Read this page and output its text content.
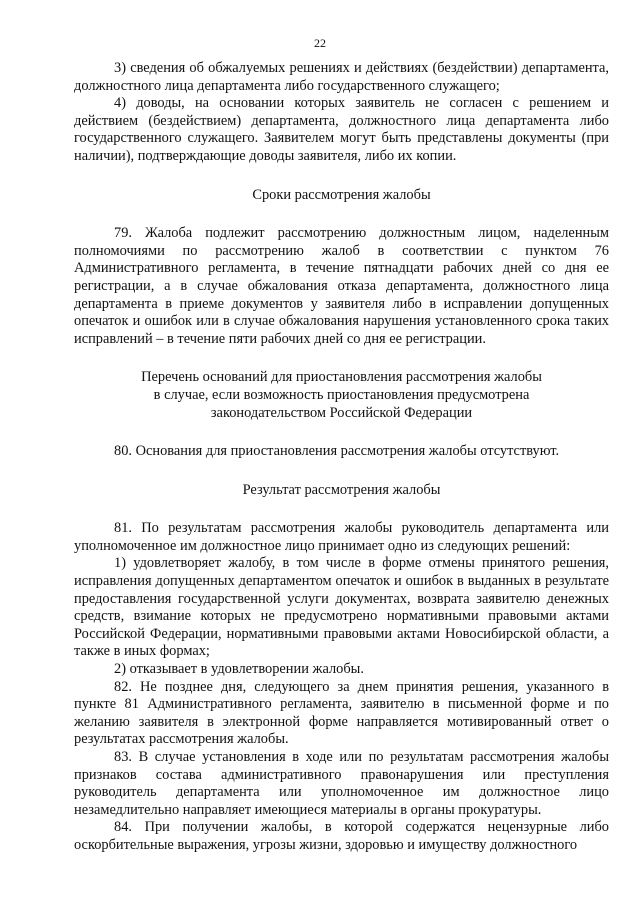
22

3) сведения об обжалуемых решениях и действиях (бездействии) департамента, должностного лица департамента либо государственного служащего;

4) доводы, на основании которых заявитель не согласен с решением и действием (бездействием) департамента, должностного лица департамента либо государственного служащего. Заявителем могут быть представлены документы (при наличии), подтверждающие доводы заявителя, либо их копии.

Сроки рассмотрения жалобы

79. Жалоба подлежит рассмотрению должностным лицом, наделенным полномочиями по рассмотрению жалоб в соответствии с пунктом 76 Административного регламента, в течение пятнадцати рабочих дней со дня ее регистрации, а в случае обжалования отказа департамента, должностного лица департамента в приеме документов у заявителя либо в исправлении допущенных опечаток и ошибок или в случае обжалования нарушения установленного срока таких исправлений – в течение пяти рабочих дней со дня ее регистрации.

Перечень оснований для приостановления рассмотрения жалобы
в случае, если возможность приостановления предусмотрена
законодательством Российской Федерации

80. Основания для приостановления рассмотрения жалобы отсутствуют.

Результат рассмотрения жалобы

81. По результатам рассмотрения жалобы руководитель департамента или уполномоченное им должностное лицо принимает одно из следующих решений:

1) удовлетворяет жалобу, в том числе в форме отмены принятого решения, исправления допущенных департаментом опечаток и ошибок в выданных в результате предоставления государственной услуги документах, возврата заявителю денежных средств, взимание которых не предусмотрено нормативными правовыми актами Российской Федерации, нормативными правовыми актами Новосибирской области, а также в иных формах;

2) отказывает в удовлетворении жалобы.

82. Не позднее дня, следующего за днем принятия решения, указанного в пункте 81 Административного регламента, заявителю в письменной форме и по желанию заявителя в электронной форме направляется мотивированный ответ о результатах рассмотрения жалобы.

83. В случае установления в ходе или по результатам рассмотрения жалобы признаков состава административного правонарушения или преступления руководитель департамента или уполномоченное им должностное лицо незамедлительно направляет имеющиеся материалы в органы прокуратуры.

84. При получении жалобы, в которой содержатся нецензурные либо оскорбительные выражения, угрозы жизни, здоровью и имуществу должностного
